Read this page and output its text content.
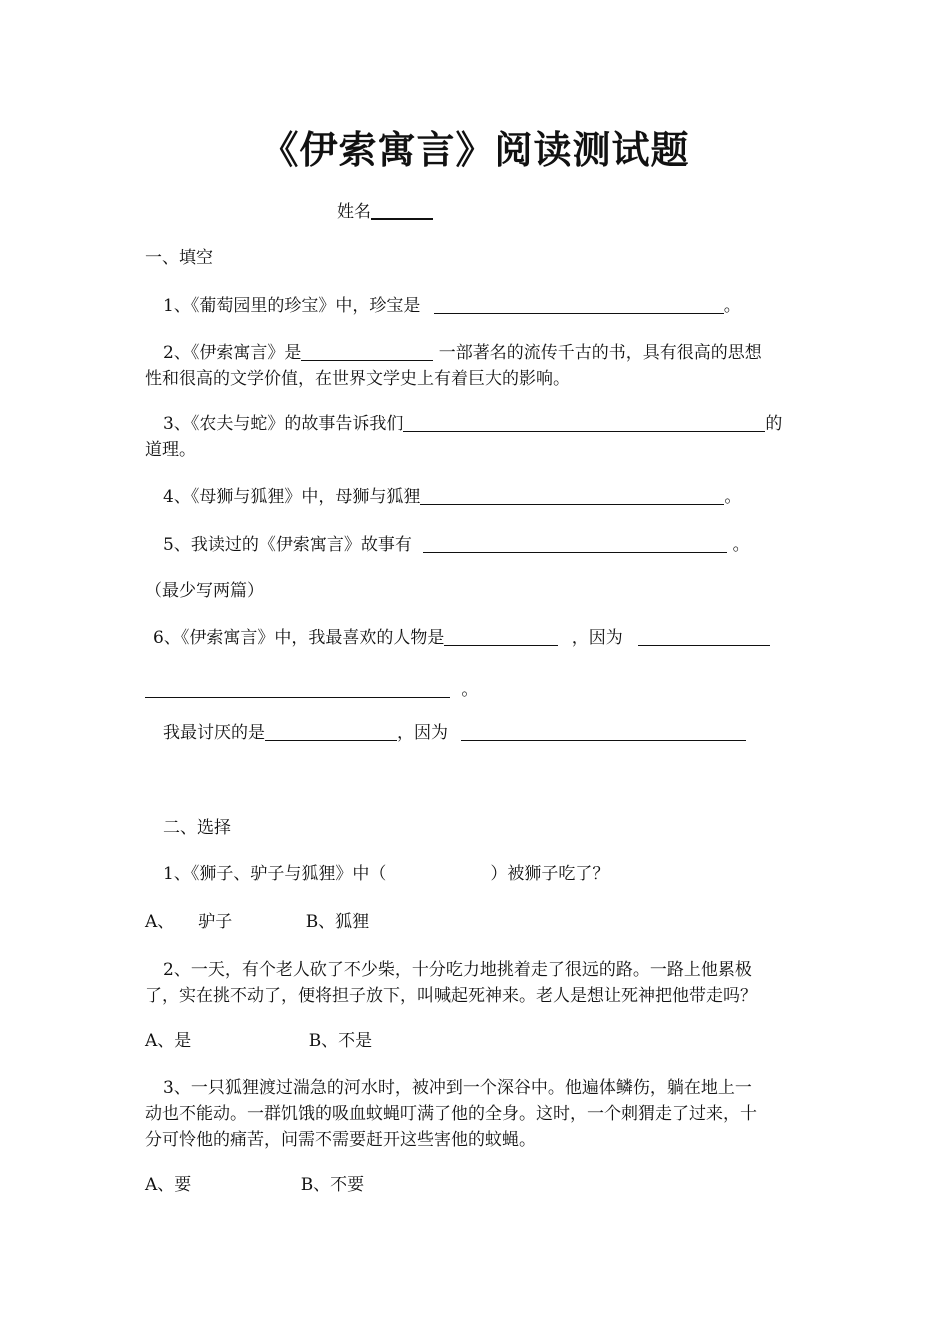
《伊索寓言》阅读测试题
姓名
一、填空
1、《葡萄园里的珍宝》中，珍宝是	。
2、《伊索寓言》是	一部著名的流传千古的书，具有很高的思想
性和很高的文学价值，在世界文学史上有着巨大的影响。
3、《农夫与蛇》的故事告诉我们	的
道理。
4、《母狮与狐狸》中，母狮与狐狸	。
5、我读过的《伊索寓言》故事有	。
（最少写两篇）
6、《伊索寓言》中，我最喜欢的人物是	，因为
。
我最讨厌的是	，因为
二、选择
1、《狮子、驴子与狐狸》中（	）被狮子吃了？
A、 驴子	B、狐狸
2、一天，有个老人砍了不少柴，十分吃力地挑着走了很远的路。一路上他累极
了，实在挑不动了，便将担子放下，叫喊起死神来。老人是想让死神把他带走吗？
A、是	B、不是
3、一只狐狸渡过湍急的河水时，被冲到一个深谷中。他遍体鳞伤，躺在地上一
动也不能动。一群饥饿的吸血蚊蝇叮满了他的全身。这时，一个刺猬走了过来，十
分可怜他的痛苦，问需不需要赶开这些害他的蚊蝇。
A、要	B、不要
